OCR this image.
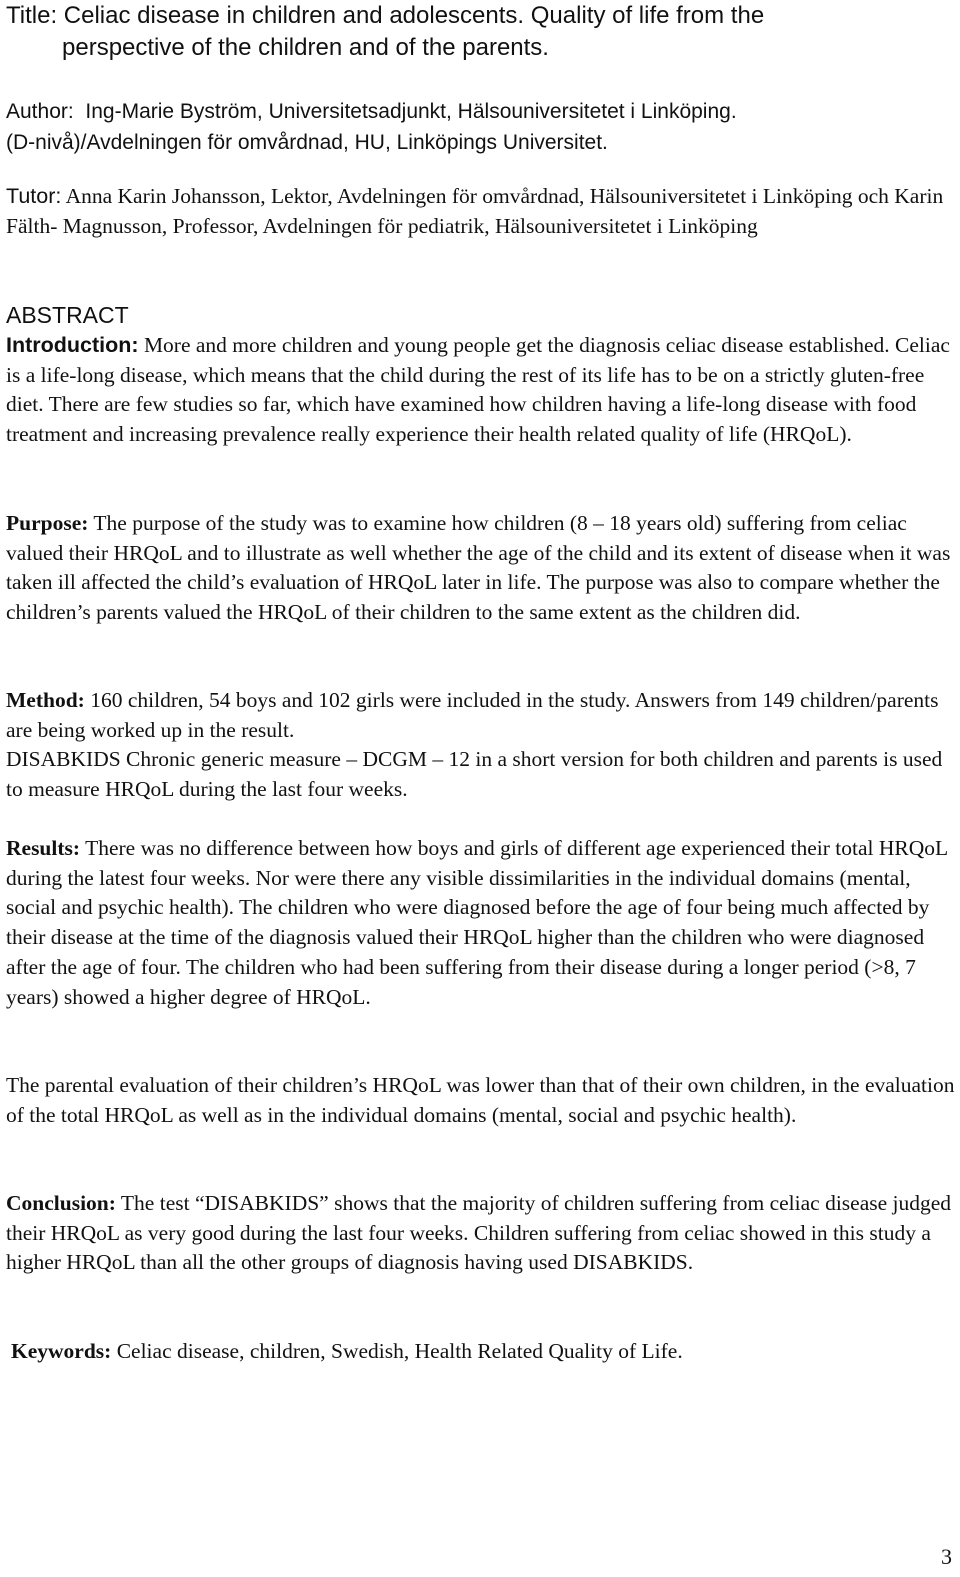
Title: Celiac disease in children and adolescents. Quality of life from the
perspective of the children and of the parents.
Author: Ing-Marie Byström, Universitetsadjunkt, Hälsouniversitetet i Linköping.
(D-nivå)/Avdelningen för omvårdnad, HU, Linköpings Universitet.

Tutor: Anna Karin Johansson, Lektor, Avdelningen för omvårdnad, Hälsouniversitetet i Linköping och Karin Fälth- Magnusson, Professor, Avdelningen för pediatrik, Hälsouniversitetet i Linköping

ABSTRACT

Introduction: More and more children and young people get the diagnosis celiac disease established. Celiac is a life-long disease, which means that the child during the rest of its life has to be on a strictly gluten-free diet. There are few studies so far, which have examined how children having a life-long disease with food treatment and increasing prevalence really experience their health related quality of life (HRQoL).

Purpose: The purpose of the study was to examine how children (8 – 18 years old) suffering from celiac valued their HRQoL and to illustrate as well whether the age of the child and its extent of disease when it was taken ill affected the child’s evaluation of HRQoL later in life. The purpose was also to compare whether the children’s parents valued the HRQoL of their children to the same extent as the children did.

Method: 160 children, 54 boys and 102 girls were included in the study. Answers from 149 children/parents are being worked up in the result.
DISABKIDS Chronic generic measure – DCGM – 12 in a short version for both children and parents is used to measure HRQoL during the last four weeks.

Results: There was no difference between how boys and girls of different age experienced their total HRQoL during the latest four weeks. Nor were there any visible dissimilarities in the individual domains (mental, social and psychic health). The children who were diagnosed before the age of four being much affected by their disease at the time of the diagnosis valued their HRQoL higher than the children who were diagnosed after the age of four. The children who had been suffering from their disease during a longer period (>8, 7 years) showed a higher degree of HRQoL.

The parental evaluation of their children’s HRQoL was lower than that of their own children, in the evaluation of the total HRQoL as well as in the individual domains (mental, social and psychic health).

Conclusion: The test “DISABKIDS” shows that the majority of children suffering from celiac disease judged their HRQoL as very good during the last four weeks. Children suffering from celiac showed in this study a higher HRQoL than all the other groups of diagnosis having used DISABKIDS.

Keywords: Celiac disease, children, Swedish, Health Related Quality of Life.

3
